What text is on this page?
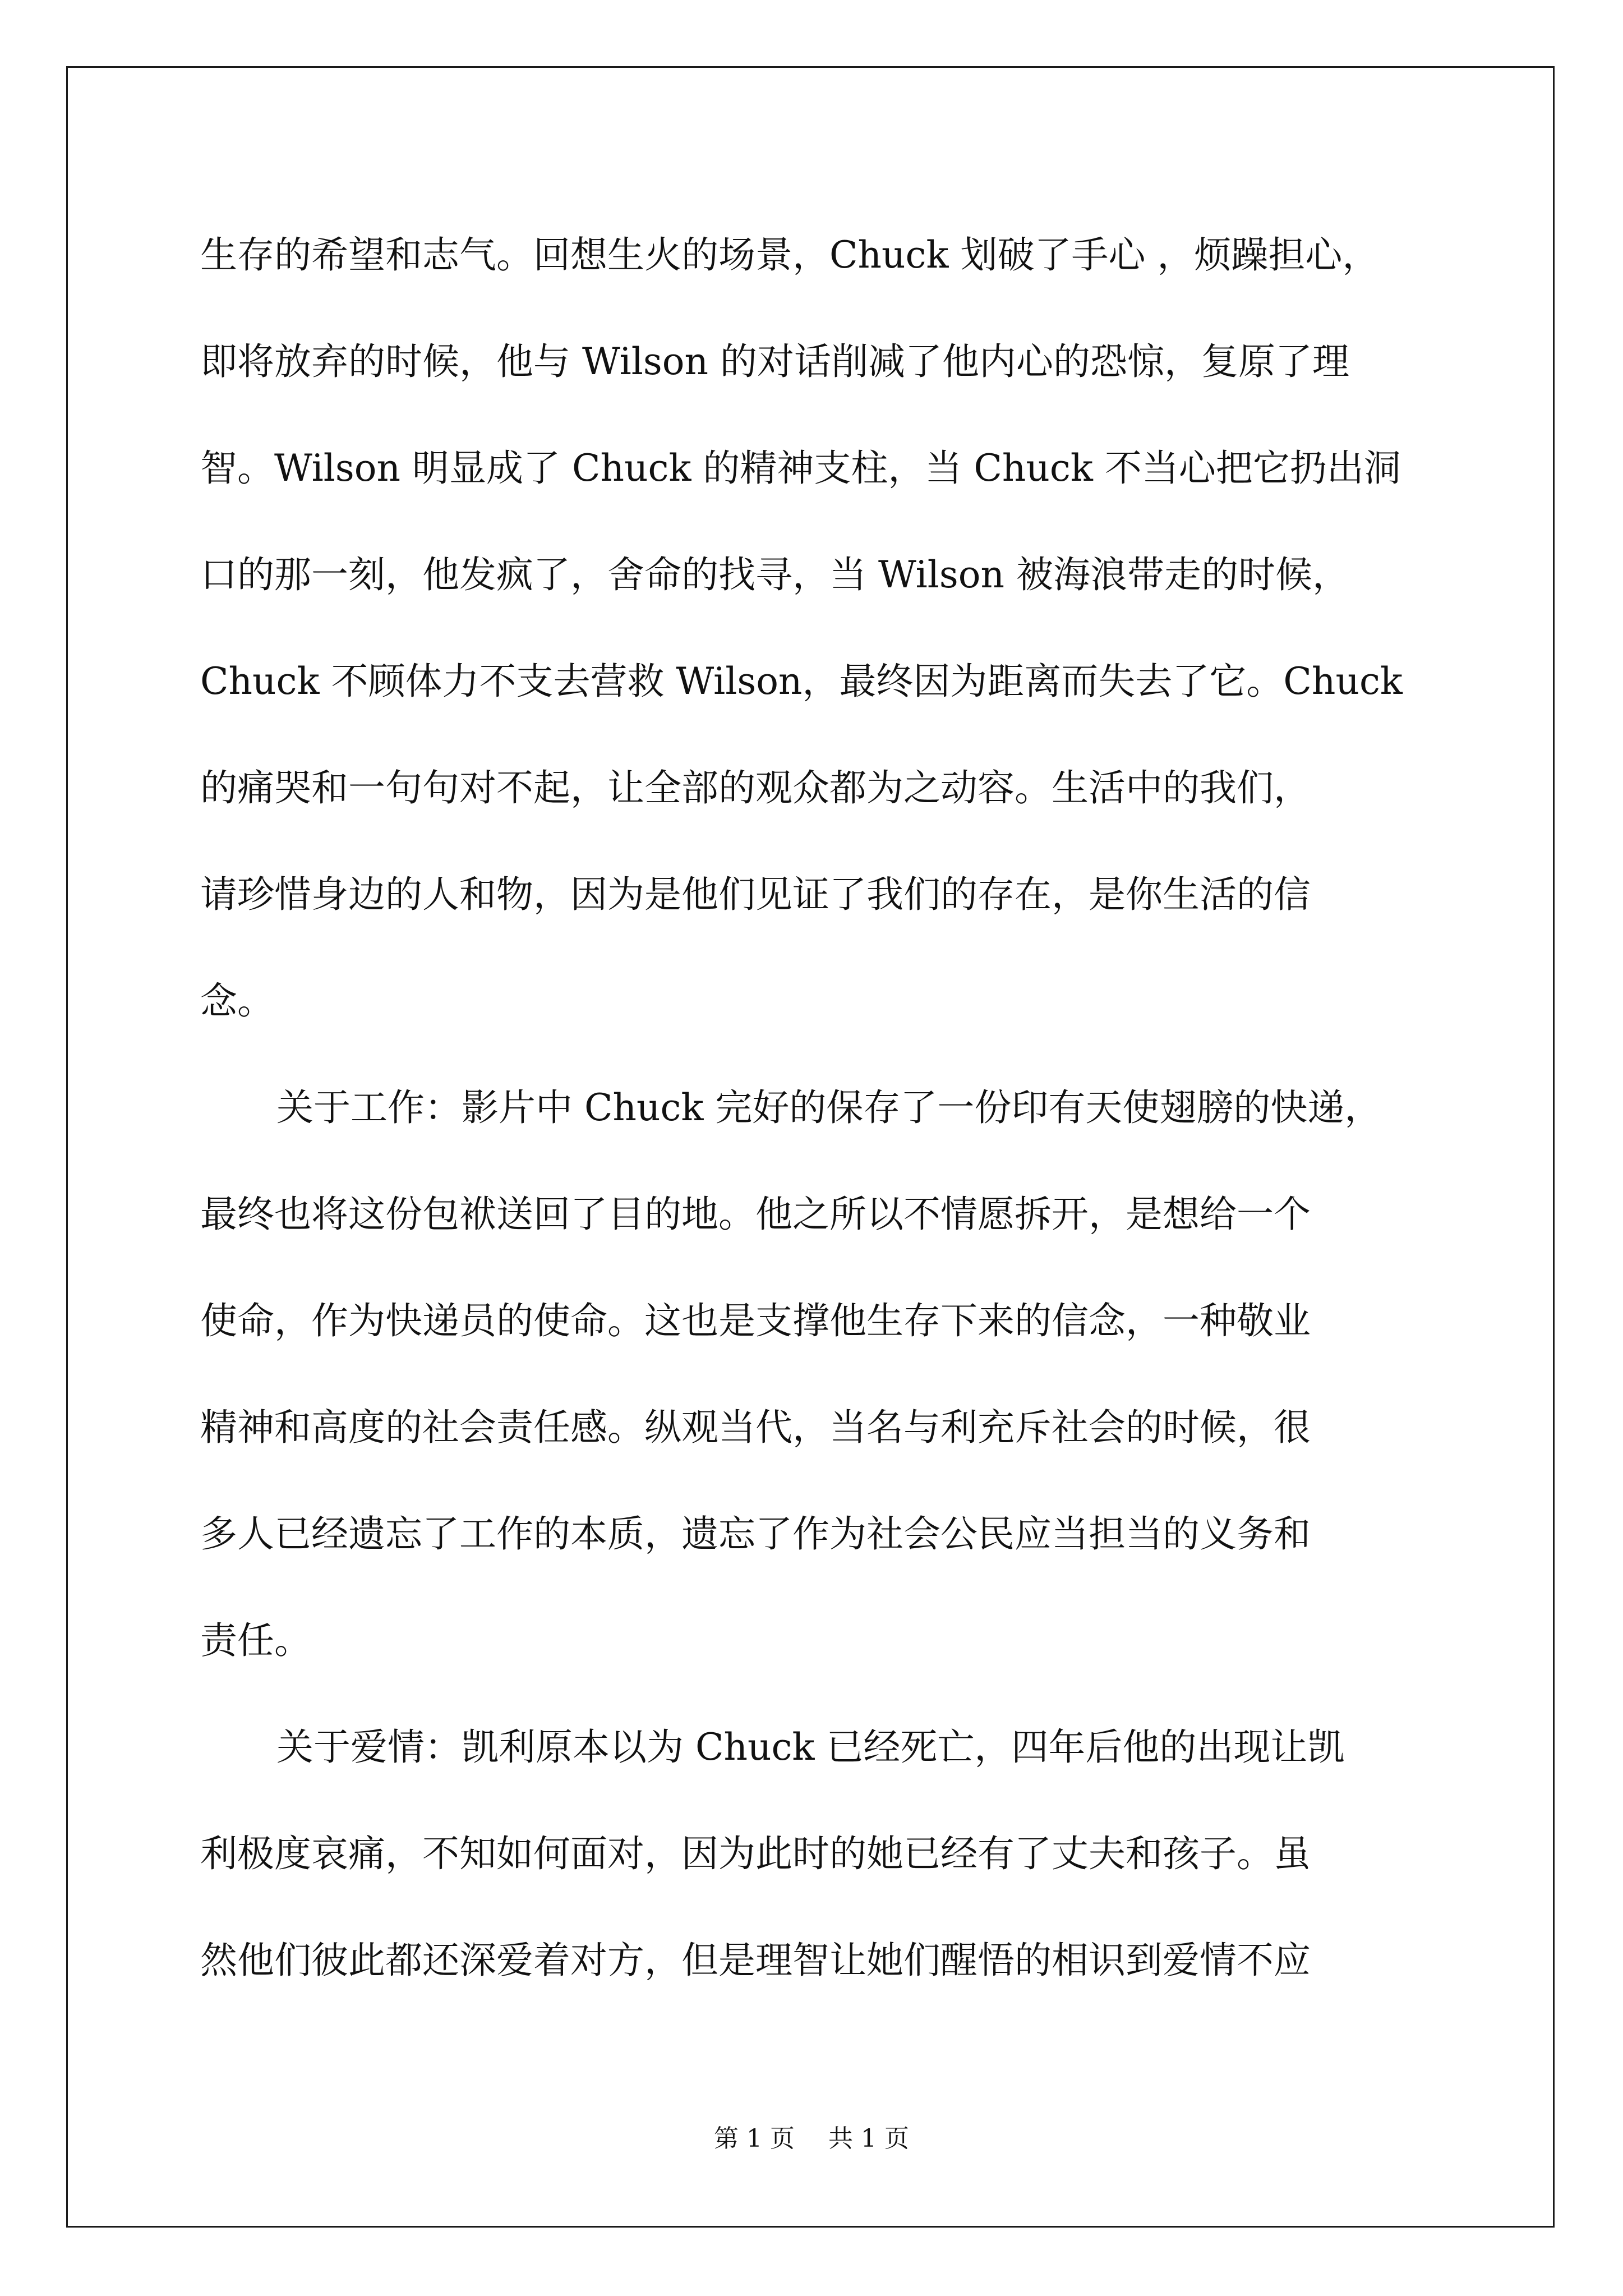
生存的希望和志气。回想生火的场景，Chuck 划破了手心 ，烦躁担心，
即将放弃的时候，他与 Wilson 的对话削减了他内心的恐惊，复原了理
智。Wilson 明显成了 Chuck 的精神支柱，当 Chuck 不当心把它扔出洞
口的那一刻，他发疯了，舍命的找寻，当 Wilson 被海浪带走的时候，
Chuck 不顾体力不支去营救 Wilson，最终因为距离而失去了它。Chuck
的痛哭和一句句对不起，让全部的观众都为之动容。生活中的我们，
请珍惜身边的人和物，因为是他们见证了我们的存在，是你生活的信
念。
关于工作：影片中 Chuck 完好的保存了一份印有天使翅膀的快递，
最终也将这份包袱送回了目的地。他之所以不情愿拆开，是想给一个
使命，作为快递员的使命。这也是支撑他生存下来的信念，一种敬业
精神和高度的社会责任感。纵观当代，当名与利充斥社会的时候，很
多人已经遗忘了工作的本质，遗忘了作为社会公民应当担当的义务和
责任。
关于爱情：凯利原本以为 Chuck 已经死亡，四年后他的出现让凯
利极度哀痛，不知如何面对，因为此时的她已经有了丈夫和孩子。虽
然他们彼此都还深爱着对方，但是理智让她们醒悟的相识到爱情不应
第 1 页 共 1 页
